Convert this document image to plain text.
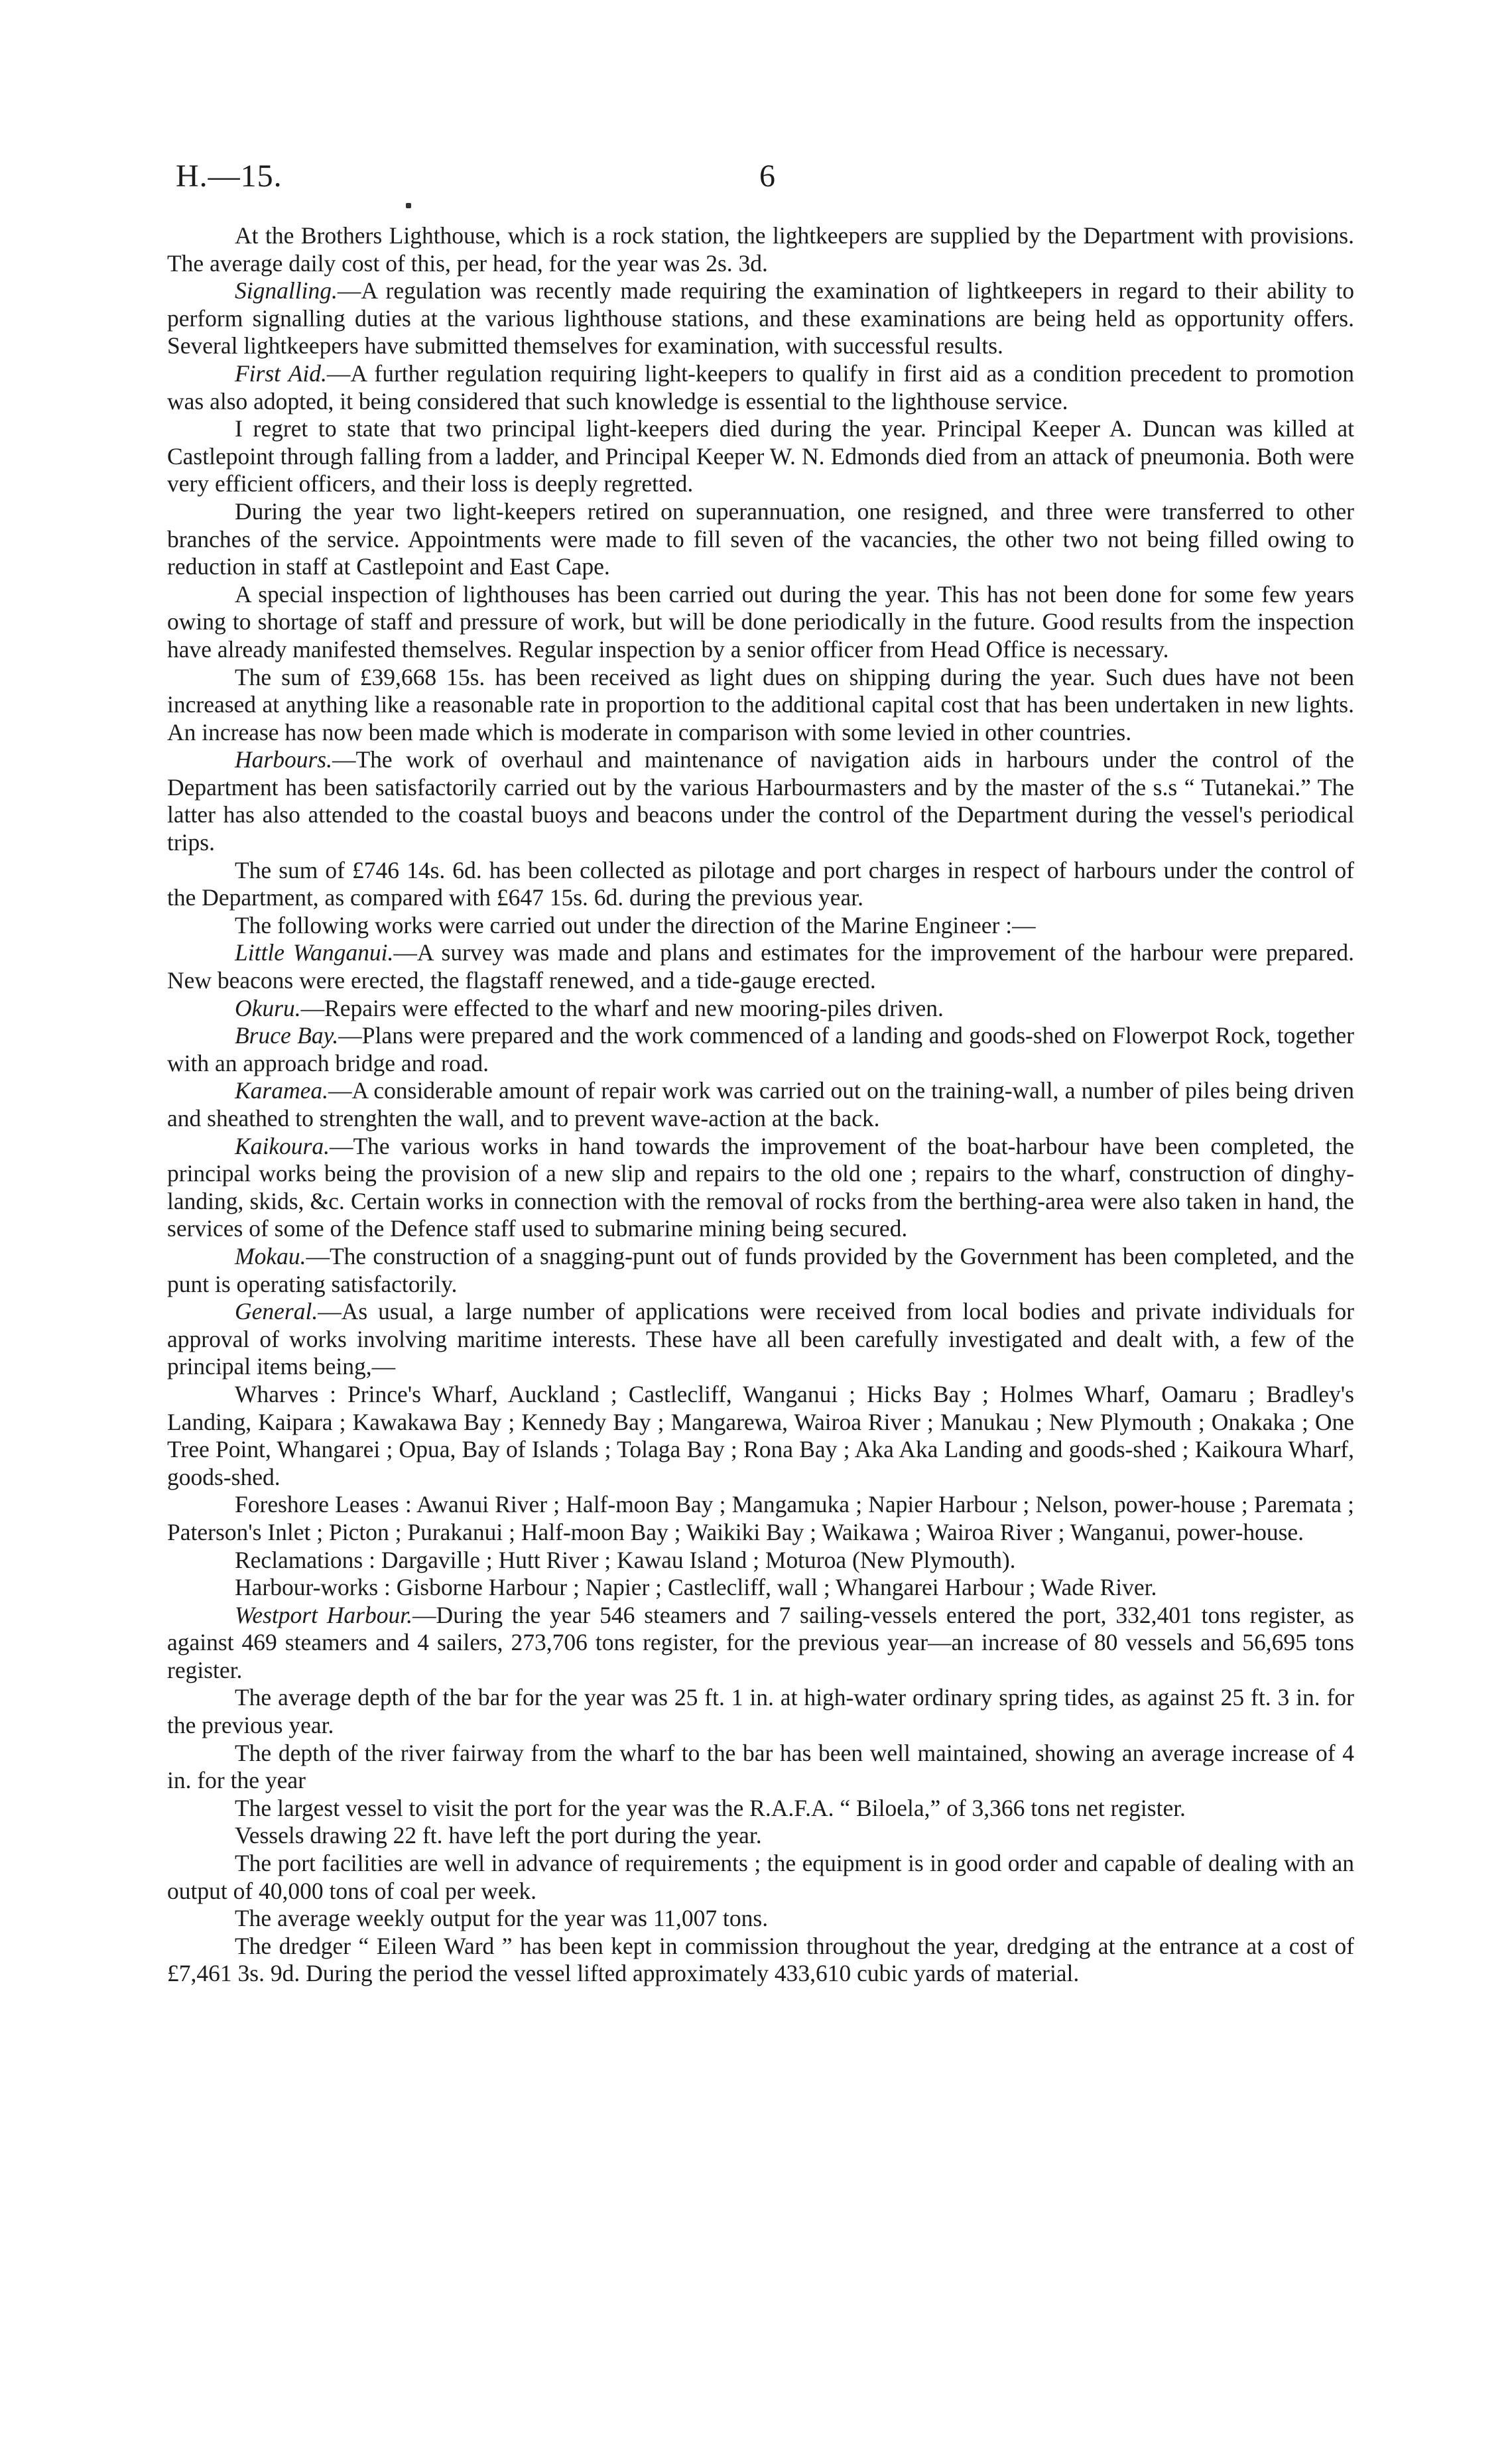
H.—15.	6

At the Brothers Lighthouse, which is a rock station, the lightkeepers are supplied by the Department with provisions. The average daily cost of this, per head, for the year was 2s. 3d.

Signalling.—A regulation was recently made requiring the examination of lightkeepers in regard to their ability to perform signalling duties at the various lighthouse stations, and these examinations are being held as opportunity offers. Several lightkeepers have submitted themselves for examination, with successful results.

First Aid.—A further regulation requiring light-keepers to qualify in first aid as a condition precedent to promotion was also adopted, it being considered that such knowledge is essential to the lighthouse service.

I regret to state that two principal light-keepers died during the year. Principal Keeper A. Duncan was killed at Castlepoint through falling from a ladder, and Principal Keeper W. N. Edmonds died from an attack of pneumonia. Both were very efficient officers, and their loss is deeply regretted.

During the year two light-keepers retired on superannuation, one resigned, and three were transferred to other branches of the service. Appointments were made to fill seven of the vacancies, the other two not being filled owing to reduction in staff at Castlepoint and East Cape.

A special inspection of lighthouses has been carried out during the year. This has not been done for some few years owing to shortage of staff and pressure of work, but will be done periodically in the future. Good results from the inspection have already manifested themselves. Regular inspection by a senior officer from Head Office is necessary.

The sum of £39,668 15s. has been received as light dues on shipping during the year. Such dues have not been increased at anything like a reasonable rate in proportion to the additional capital cost that has been undertaken in new lights. An increase has now been made which is moderate in comparison with some levied in other countries.

Harbours.—The work of overhaul and maintenance of navigation aids in harbours under the control of the Department has been satisfactorily carried out by the various Harbourmasters and by the master of the s.s “ Tutanekai.” The latter has also attended to the coastal buoys and beacons under the control of the Department during the vessel's periodical trips.

The sum of £746 14s. 6d. has been collected as pilotage and port charges in respect of harbours under the control of the Department, as compared with £647 15s. 6d. during the previous year.

The following works were carried out under the direction of the Marine Engineer :—

Little Wanganui.—A survey was made and plans and estimates for the improvement of the harbour were prepared. New beacons were erected, the flagstaff renewed, and a tide-gauge erected.

Okuru.—Repairs were effected to the wharf and new mooring-piles driven.

Bruce Bay.—Plans were prepared and the work commenced of a landing and goods-shed on Flowerpot Rock, together with an approach bridge and road.

Karamea.—A considerable amount of repair work was carried out on the training-wall, a number of piles being driven and sheathed to strenghten the wall, and to prevent wave-action at the back.

Kaikoura.—The various works in hand towards the improvement of the boat-harbour have been completed, the principal works being the provision of a new slip and repairs to the old one ; repairs to the wharf, construction of dinghy-landing, skids, &c. Certain works in connection with the removal of rocks from the berthing-area were also taken in hand, the services of some of the Defence staff used to submarine mining being secured.

Mokau.—The construction of a snagging-punt out of funds provided by the Government has been completed, and the punt is operating satisfactorily.

General.—As usual, a large number of applications were received from local bodies and private individuals for approval of works involving maritime interests. These have all been carefully investigated and dealt with, a few of the principal items being,—

Wharves : Prince's Wharf, Auckland ; Castlecliff, Wanganui ; Hicks Bay ; Holmes Wharf, Oamaru ; Bradley's Landing, Kaipara ; Kawakawa Bay ; Kennedy Bay ; Mangarewa, Wairoa River ; Manukau ; New Plymouth ; Onakaka ; One Tree Point, Whangarei ; Opua, Bay of Islands ; Tolaga Bay ; Rona Bay ; Aka Aka Landing and goods-shed ; Kaikoura Wharf, goods-shed.

Foreshore Leases : Awanui River ; Half-moon Bay ; Mangamuka ; Napier Harbour ; Nelson, power-house ; Paremata ; Paterson's Inlet ; Picton ; Purakanui ; Half-moon Bay ; Waikiki Bay ; Waikawa ; Wairoa River ; Wanganui, power-house.

Reclamations : Dargaville ; Hutt River ; Kawau Island ; Moturoa (New Plymouth).

Harbour-works : Gisborne Harbour ; Napier ; Castlecliff, wall ; Whangarei Harbour ; Wade River.

Westport Harbour.—During the year 546 steamers and 7 sailing-vessels entered the port, 332,401 tons register, as against 469 steamers and 4 sailers, 273,706 tons register, for the previous year—an increase of 80 vessels and 56,695 tons register.

The average depth of the bar for the year was 25 ft. 1 in. at high-water ordinary spring tides, as against 25 ft. 3 in. for the previous year.

The depth of the river fairway from the wharf to the bar has been well maintained, showing an average increase of 4 in. for the year

The largest vessel to visit the port for the year was the R.A.F.A. “ Biloela,” of 3,366 tons net register.

Vessels drawing 22 ft. have left the port during the year.

The port facilities are well in advance of requirements ; the equipment is in good order and capable of dealing with an output of 40,000 tons of coal per week.

The average weekly output for the year was 11,007 tons.

The dredger “ Eileen Ward ” has been kept in commission throughout the year, dredging at the entrance at a cost of £7,461 3s. 9d. During the period the vessel lifted approximately 433,610 cubic yards of material.
